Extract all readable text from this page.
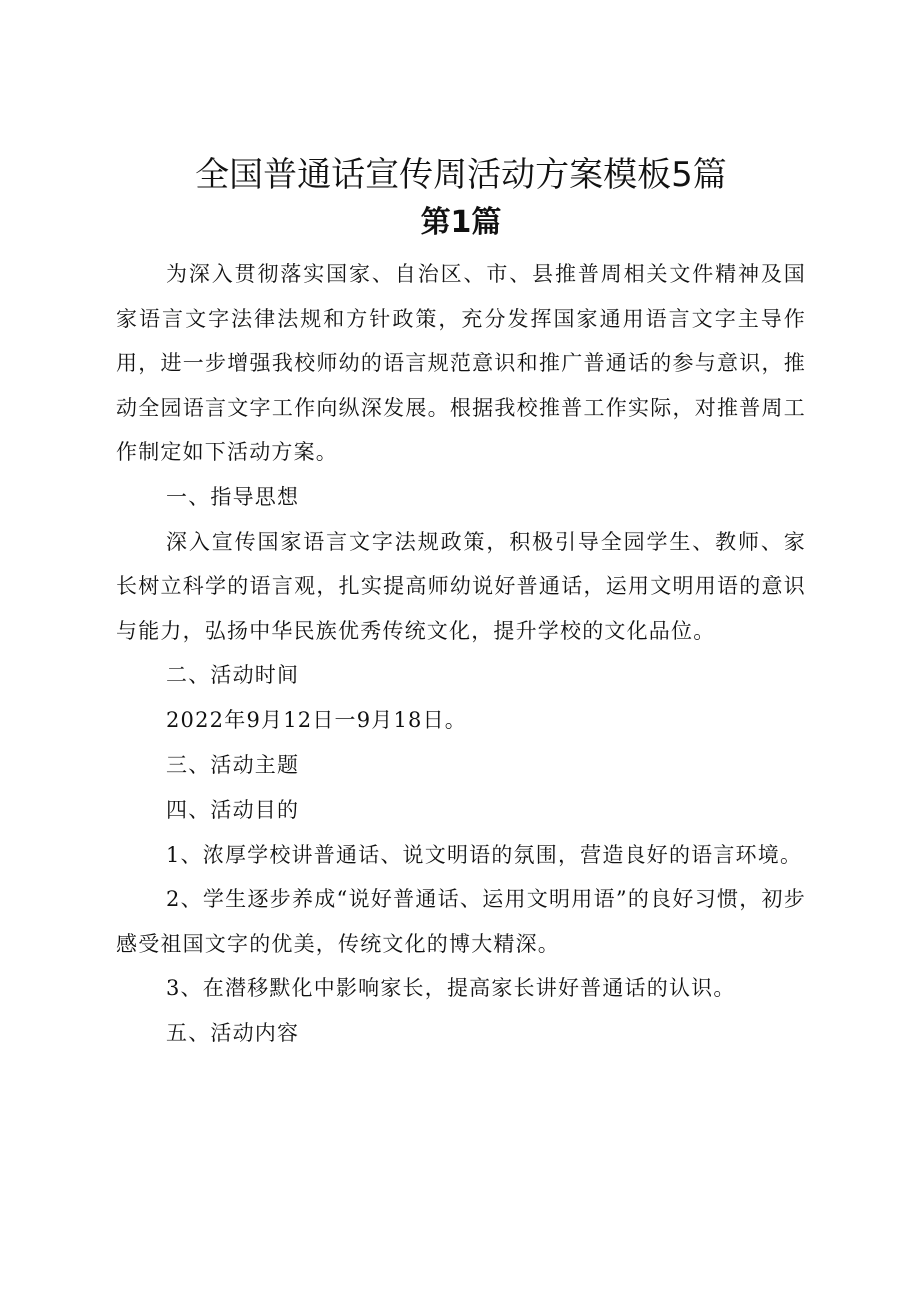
全国普通话宣传周活动方案模板5篇
第1篇

为深入贯彻落实国家、自治区、市、县推普周相关文件精神及国家语言文字法律法规和方针政策，充分发挥国家通用语言文字主导作用，进一步增强我校师幼的语言规范意识和推广普通话的参与意识，推动全园语言文字工作向纵深发展。根据我校推普工作实际，对推普周工作制定如下活动方案。

一、指导思想

深入宣传国家语言文字法规政策，积极引导全园学生、教师、家长树立科学的语言观，扎实提高师幼说好普通话，运用文明用语的意识与能力，弘扬中华民族优秀传统文化，提升学校的文化品位。

二、活动时间

2022年9月12日一9月18日。

三、活动主题

四、活动目的

1、浓厚学校讲普通话、说文明语的氛围，营造良好的语言环境。

2、学生逐步养成“说好普通话、运用文明用语”的良好习惯，初步感受祖国文字的优美，传统文化的博大精深。

3、在潜移默化中影响家长，提高家长讲好普通话的认识。

五、活动内容
